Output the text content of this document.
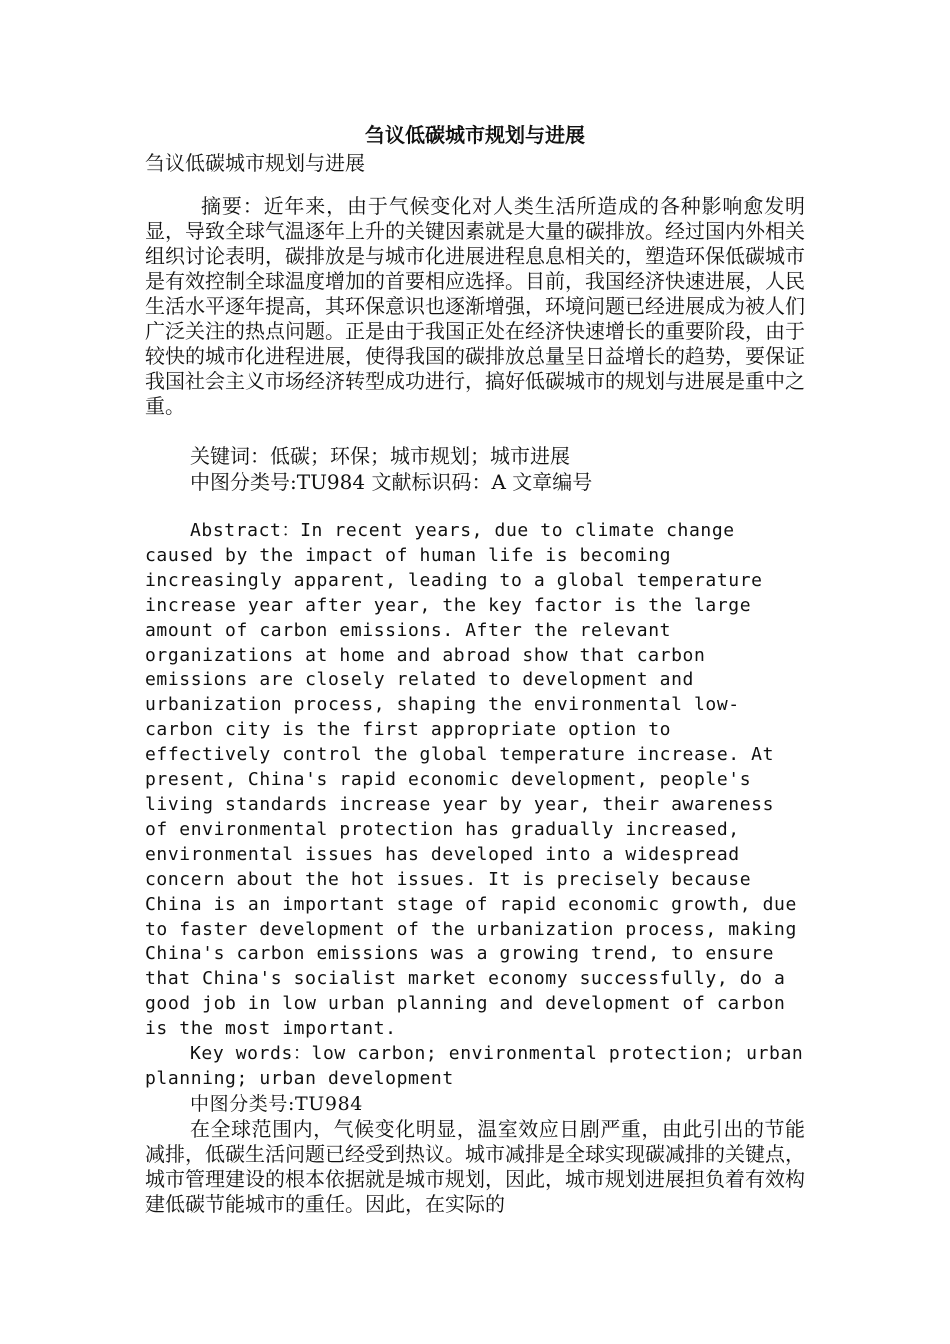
刍议低碳城市规划与进展

刍议低碳城市规划与进展

摘要：近年来，由于气候变化对人类生活所造成的各种影响愈发明显，导致全球气温逐年上升的关键因素就是大量的碳排放。经过国内外相关组织讨论表明，碳排放是与城市化进展进程息息相关的，塑造环保低碳城市是有效控制全球温度增加的首要相应选择。目前，我国经济快速进展，人民生活水平逐年提高，其环保意识也逐渐增强，环境问题已经进展成为被人们广泛关注的热点问题。正是由于我国正处在经济快速增长的重要阶段，由于较快的城市化进程进展，使得我国的碳排放总量呈日益增长的趋势，要保证我国社会主义市场经济转型成功进行，搞好低碳城市的规划与进展是重中之重。

关键词：低碳；环保；城市规划；城市进展

中图分类号:TU984 文献标识码：A 文章编号

Abstract：In recent years, due to climate change caused by the impact of human life is becoming increasingly apparent, leading to a global temperature increase year after year, the key factor is the large amount of carbon emissions. After the relevant organizations at home and abroad show that carbon emissions are closely related to development and urbanization process, shaping the environmental low-carbon city is the first appropriate option to effectively control the global temperature increase. At present, China's rapid economic development, people's living standards increase year by year, their awareness of environmental protection has gradually increased, environmental issues has developed into a widespread concern about the hot issues. It is precisely because China is an important stage of rapid economic growth, due to faster development of the urbanization process, making China's carbon emissions was a growing trend, to ensure that China's socialist market economy successfully, do a good job in low urban planning and development of carbon is the most important.

Key words：low carbon; environmental protection; urban planning; urban development

中图分类号:TU984

在全球范围内，气候变化明显，温室效应日剧严重，由此引出的节能减排，低碳生活问题已经受到热议。城市减排是全球实现碳减排的关键点，城市管理建设的根本依据就是城市规划，因此，城市规划进展担负着有效构建低碳节能城市的重任。因此，在实际的
